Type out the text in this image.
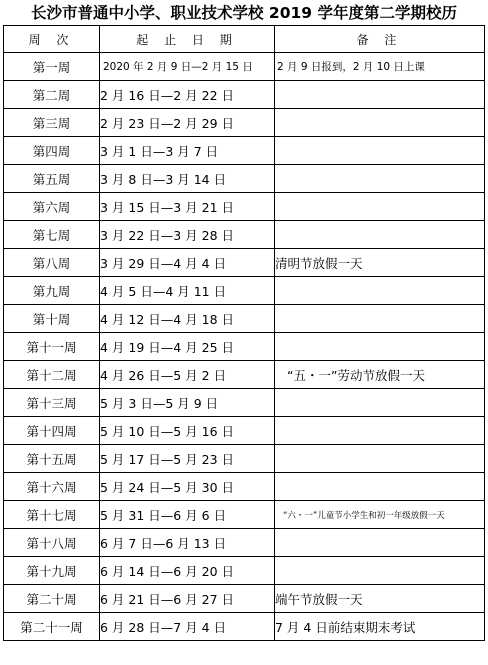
长沙市普通中小学、职业技术学校 2019 学年度第二学期校历
周 次	起 止 日 期	备 注
第一周	2020 年 2 月 9 日—2 月 15 日	2 月 9 日报到，2 月 10 日上课
第二周	2 月 16 日—2 月 22 日	
第三周	2 月 23 日—2 月 29 日	
第四周	3 月 1 日—3 月 7 日	
第五周	3 月 8 日—3 月 14 日	
第六周	3 月 15 日—3 月 21 日	
第七周	3 月 22 日—3 月 28 日	
第八周	3 月 29 日—4 月 4 日	清明节放假一天
第九周	4 月 5 日—4 月 11 日	
第十周	4 月 12 日—4 月 18 日	
第十一周	4 月 19 日—4 月 25 日	
第十二周	4 月 26 日—5 月 2 日	“五・一”劳动节放假一天
第十三周	5 月 3 日—5 月 9 日	
第十四周	5 月 10 日—5 月 16 日	
第十五周	5 月 17 日—5 月 23 日	
第十六周	5 月 24 日—5 月 30 日	
第十七周	5 月 31 日—6 月 6 日	“六・一”儿童节小学生和初一年级放假一天
第十八周	6 月 7 日—6 月 13 日	
第十九周	6 月 14 日—6 月 20 日	
第二十周	6 月 21 日—6 月 27 日	端午节放假一天
第二十一周	6 月 28 日—7 月 4 日	7 月 4 日前结束期末考试
